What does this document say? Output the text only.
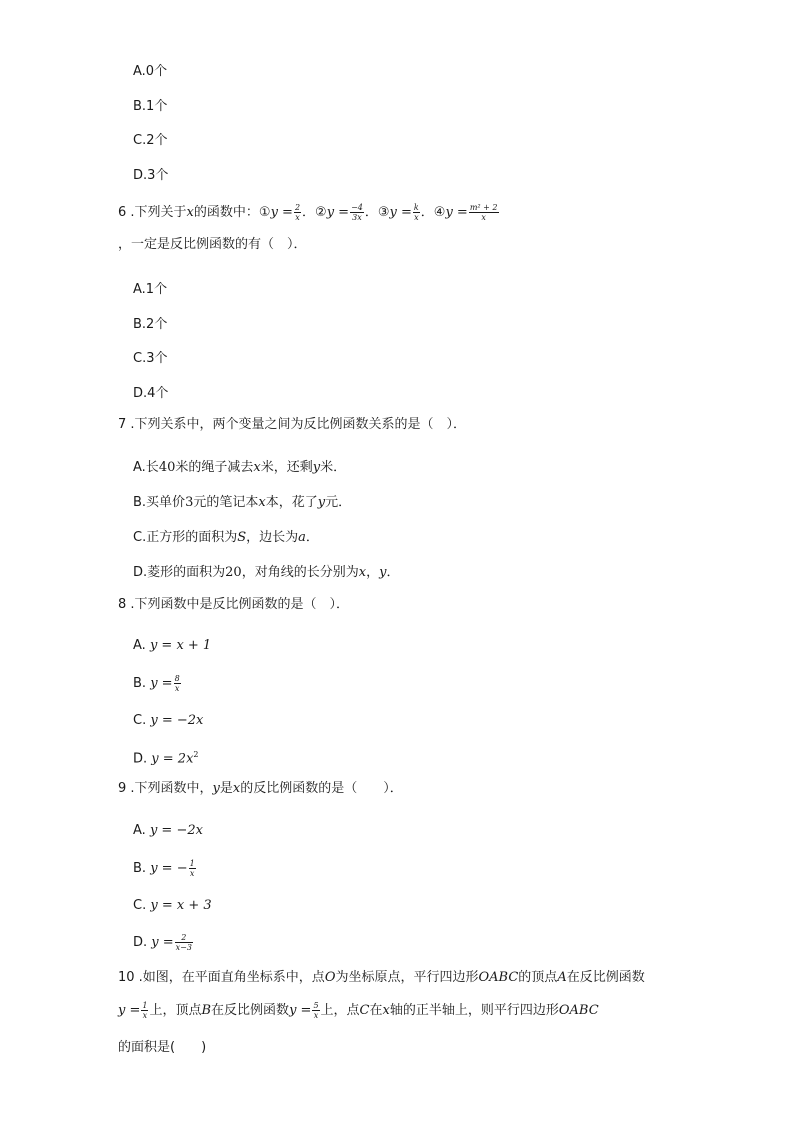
A.0个
B.1个
C.2个
D.3个
6 .下列关于x的函数中：①y = $\frac{2}{x}$ ．②y = $\frac{-4}{3x}$ ．③y = $\frac{k}{x}$ ．④y = $\frac{\text{m² + 2}}{x}$
，一定是反比例函数的有（　）．
A.1个
B.2个
C.3个
D.4个
7 .下列关系中，两个变量之间为反比例函数关系的是（　）．
A.长40米的绳子减去x米，还剩y米．
B.买单价3元的笔记本x本，花了y元．
C.正方形的面积为S，边长为a．
D.菱形的面积为20，对角线的长分别为x，y．
8 .下列函数中是反比例函数的是（　）．
A. y = x + 1
B. $y = \frac{8}{x}$
C. y = −2x
D. $y = 2x^2$
9 .下列函数中，y是x的反比例函数的是（　　）．
A. y = −2x
B. y = − $\frac{1}{x}$
C. y = x + 3
D. $y = \frac{2}{x-3}$
10 .如图，在平面直角坐标系中，点O为坐标原点，平行四边形OABC的顶点A在反比例函数
$y = \frac{1}{x}$ 上，顶点B在反比例函数$y = \frac{5}{x}$ 上，点C在x轴的正半轴上，则平行四边形OABC
的面积是(　　)
